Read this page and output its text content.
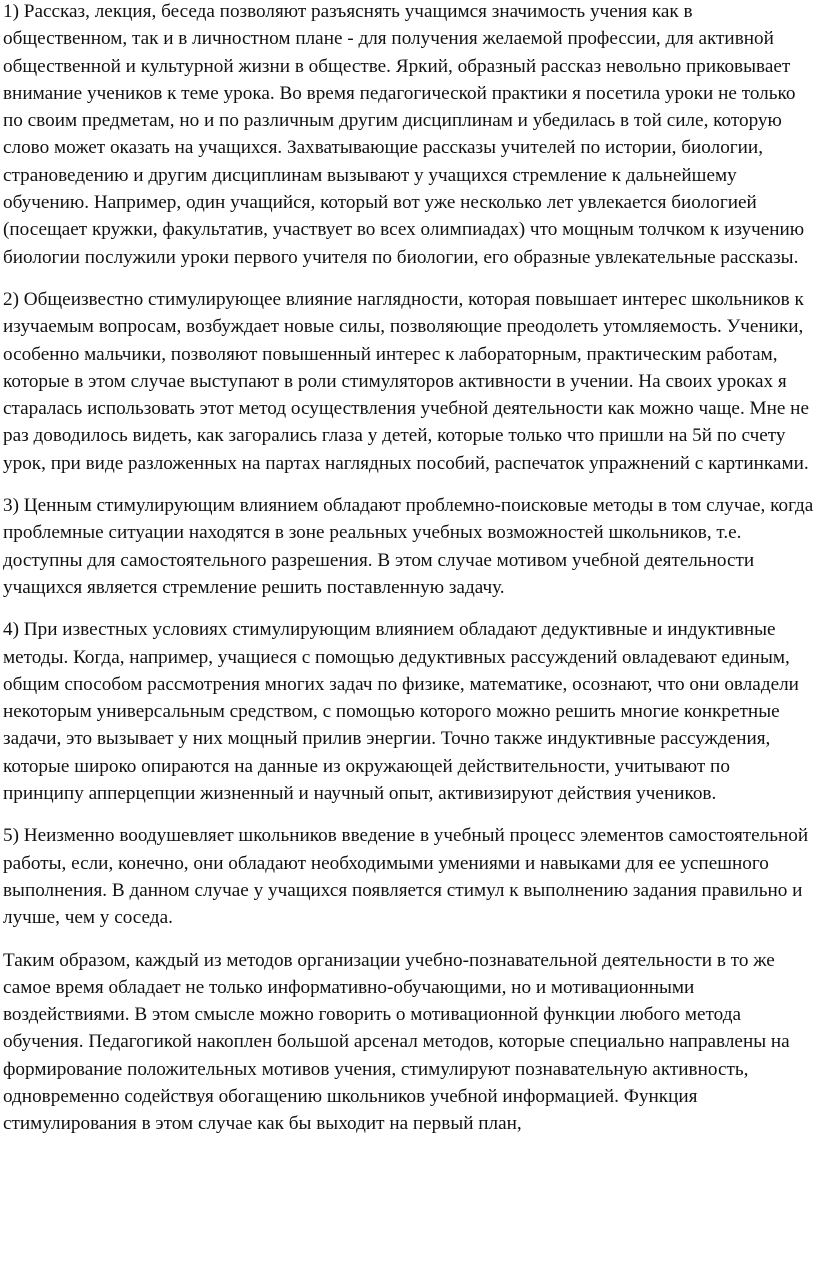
1) Рассказ, лекция, беседа позволяют разъяснять учащимся значимость учения как в общественном, так и в личностном плане - для получения желаемой профессии, для активной общественной и культурной жизни в обществе. Яркий, образный рассказ невольно приковывает внимание учеников к теме урока. Во время педагогической практики я посетила уроки не только по своим предметам, но и по различным другим дисциплинам и убедилась в той силе, которую слово может оказать на учащихся. Захватывающие рассказы учителей по истории, биологии, страноведению и другим дисциплинам вызывают у учащихся стремление к дальнейшему обучению. Например, один учащийся, который вот уже несколько лет увлекается биологией (посещает кружки, факультатив, участвует во всех олимпиадах) что мощным толчком к изучению биологии послужили уроки первого учителя по биологии, его образные увлекательные рассказы.

2) Общеизвестно стимулирующее влияние наглядности, которая повышает интерес школьников к изучаемым вопросам, возбуждает новые силы, позволяющие преодолеть утомляемость. Ученики, особенно мальчики, позволяют повышенный интерес к лабораторным, практическим работам, которые в этом случае выступают в роли стимуляторов активности в учении. На своих уроках я старалась использовать этот метод осуществления учебной деятельности как можно чаще. Мне не раз доводилось видеть, как загорались глаза у детей, которые только что пришли на 5й по счету урок, при виде разложенных на партах наглядных пособий, распечаток упражнений с картинками.

3) Ценным стимулирующим влиянием обладают проблемно-поисковые методы в том случае, когда проблемные ситуации находятся в зоне реальных учебных возможностей школьников, т.е. доступны для самостоятельного разрешения. В этом случае мотивом учебной деятельности учащихся является стремление решить поставленную задачу.

4) При известных условиях стимулирующим влиянием обладают дедуктивные и индуктивные методы. Когда, например, учащиеся с помощью дедуктивных рассуждений овладевают единым, общим способом рассмотрения многих задач по физике, математике, осознают, что они овладели некоторым универсальным средством, с помощью которого можно решить многие конкретные задачи, это вызывает у них мощный прилив энергии. Точно также индуктивные рассуждения, которые широко опираются на данные из окружающей действительности, учитывают по принципу апперцепции жизненный и научный опыт, активизируют действия учеников.

5) Неизменно воодушевляет школьников введение в учебный процесс элементов самостоятельной работы, если, конечно, они обладают необходимыми умениями и навыками для ее успешного выполнения. В данном случае у учащихся появляется стимул к выполнению задания правильно и лучше, чем у соседа.

Таким образом, каждый из методов организации учебно-познавательной деятельности в то же самое время обладает не только информативно-обучающими, но и мотивационными воздействиями. В этом смысле можно говорить о мотивационной функции любого метода обучения. Педагогикой накоплен большой арсенал методов, которые специально направлены на формирование положительных мотивов учения, стимулируют познавательную активность, одновременно содействуя обогащению школьников учебной информацией. Функция стимулирования в этом случае как бы выходит на первый план,
